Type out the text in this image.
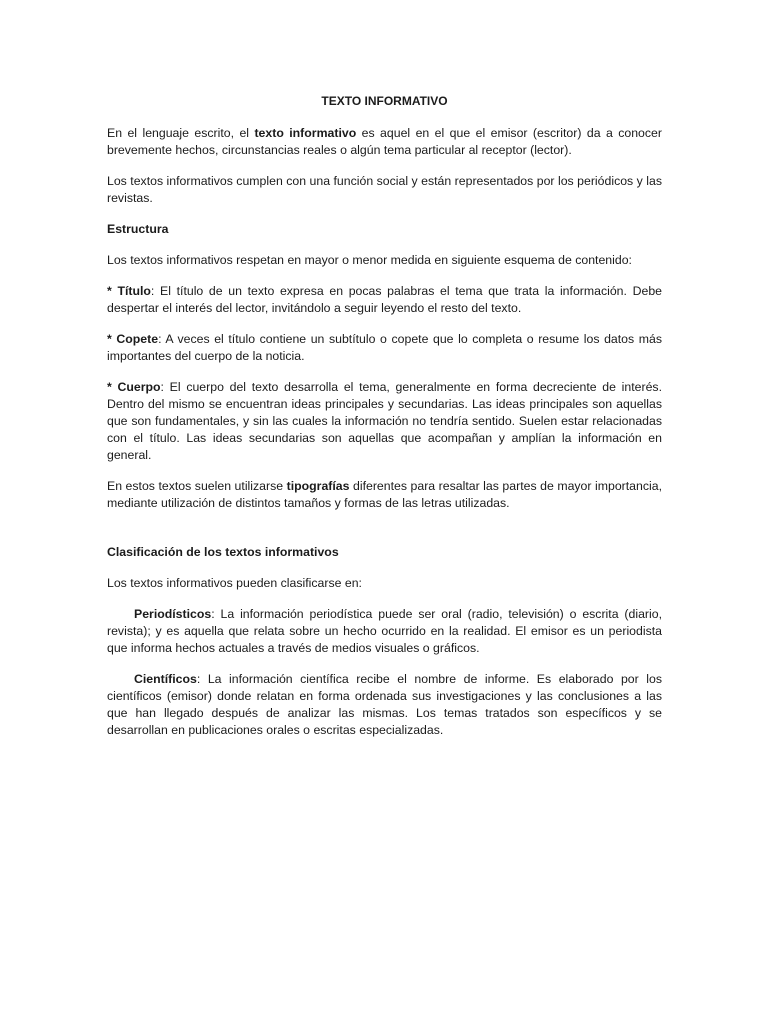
TEXTO INFORMATIVO

En el lenguaje escrito, el texto informativo es aquel en el que el emisor (escritor) da a conocer brevemente hechos, circunstancias reales o algún tema particular al receptor (lector).

Los textos informativos cumplen con una función social y están representados por los periódicos y las revistas.

Estructura

Los textos informativos respetan en mayor o menor medida en siguiente esquema de contenido:

* Título: El título de un texto expresa en pocas palabras el tema que trata la información. Debe despertar el interés del lector, invitándolo a seguir leyendo el resto del texto.

* Copete: A veces el título contiene un subtítulo o copete que lo completa o resume los datos más importantes del cuerpo de la noticia.

* Cuerpo: El cuerpo del texto desarrolla el tema, generalmente en forma decreciente de interés. Dentro del mismo se encuentran ideas principales y secundarias. Las ideas principales son aquellas que son fundamentales, y sin las cuales la información no tendría sentido. Suelen estar relacionadas con el título. Las ideas secundarias son aquellas que acompañan y amplían la información en general.

En estos textos suelen utilizarse tipografías diferentes para resaltar las partes de mayor importancia, mediante utilización de distintos tamaños y formas de las letras utilizadas.

Clasificación de los textos informativos

Los textos informativos pueden clasificarse en:

Periodísticos: La información periodística puede ser oral (radio, televisión) o escrita (diario, revista); y es aquella que relata sobre un hecho ocurrido en la realidad. El emisor es un periodista que informa hechos actuales a través de medios visuales o gráficos.

Científicos: La información científica recibe el nombre de informe. Es elaborado por los científicos (emisor) donde relatan en forma ordenada sus investigaciones y las conclusiones a las que han llegado después de analizar las mismas. Los temas tratados son específicos y se desarrollan en publicaciones orales o escritas especializadas.
